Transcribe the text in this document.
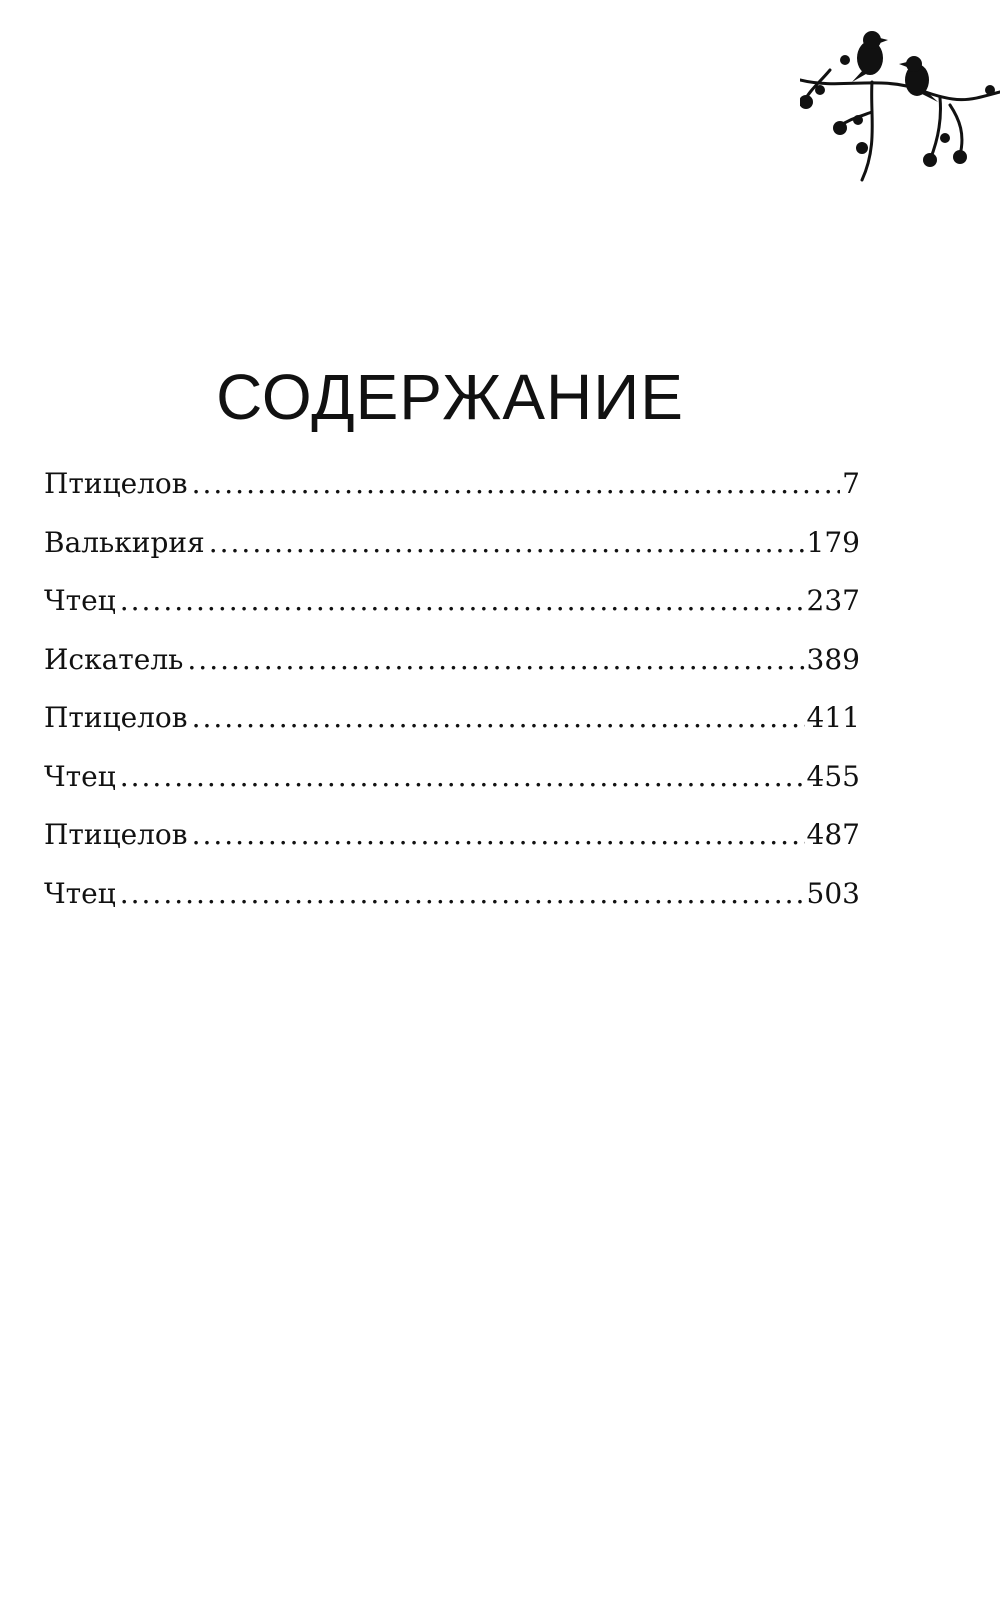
СОДЕРЖАНИЕ
Птицелов .....	7
Валькирия .....	179
Чтец .....	237
Искатель .....	389
Птицелов .....	411
Чтец .....	455
Птицелов .....	487
Чтец .....	503
